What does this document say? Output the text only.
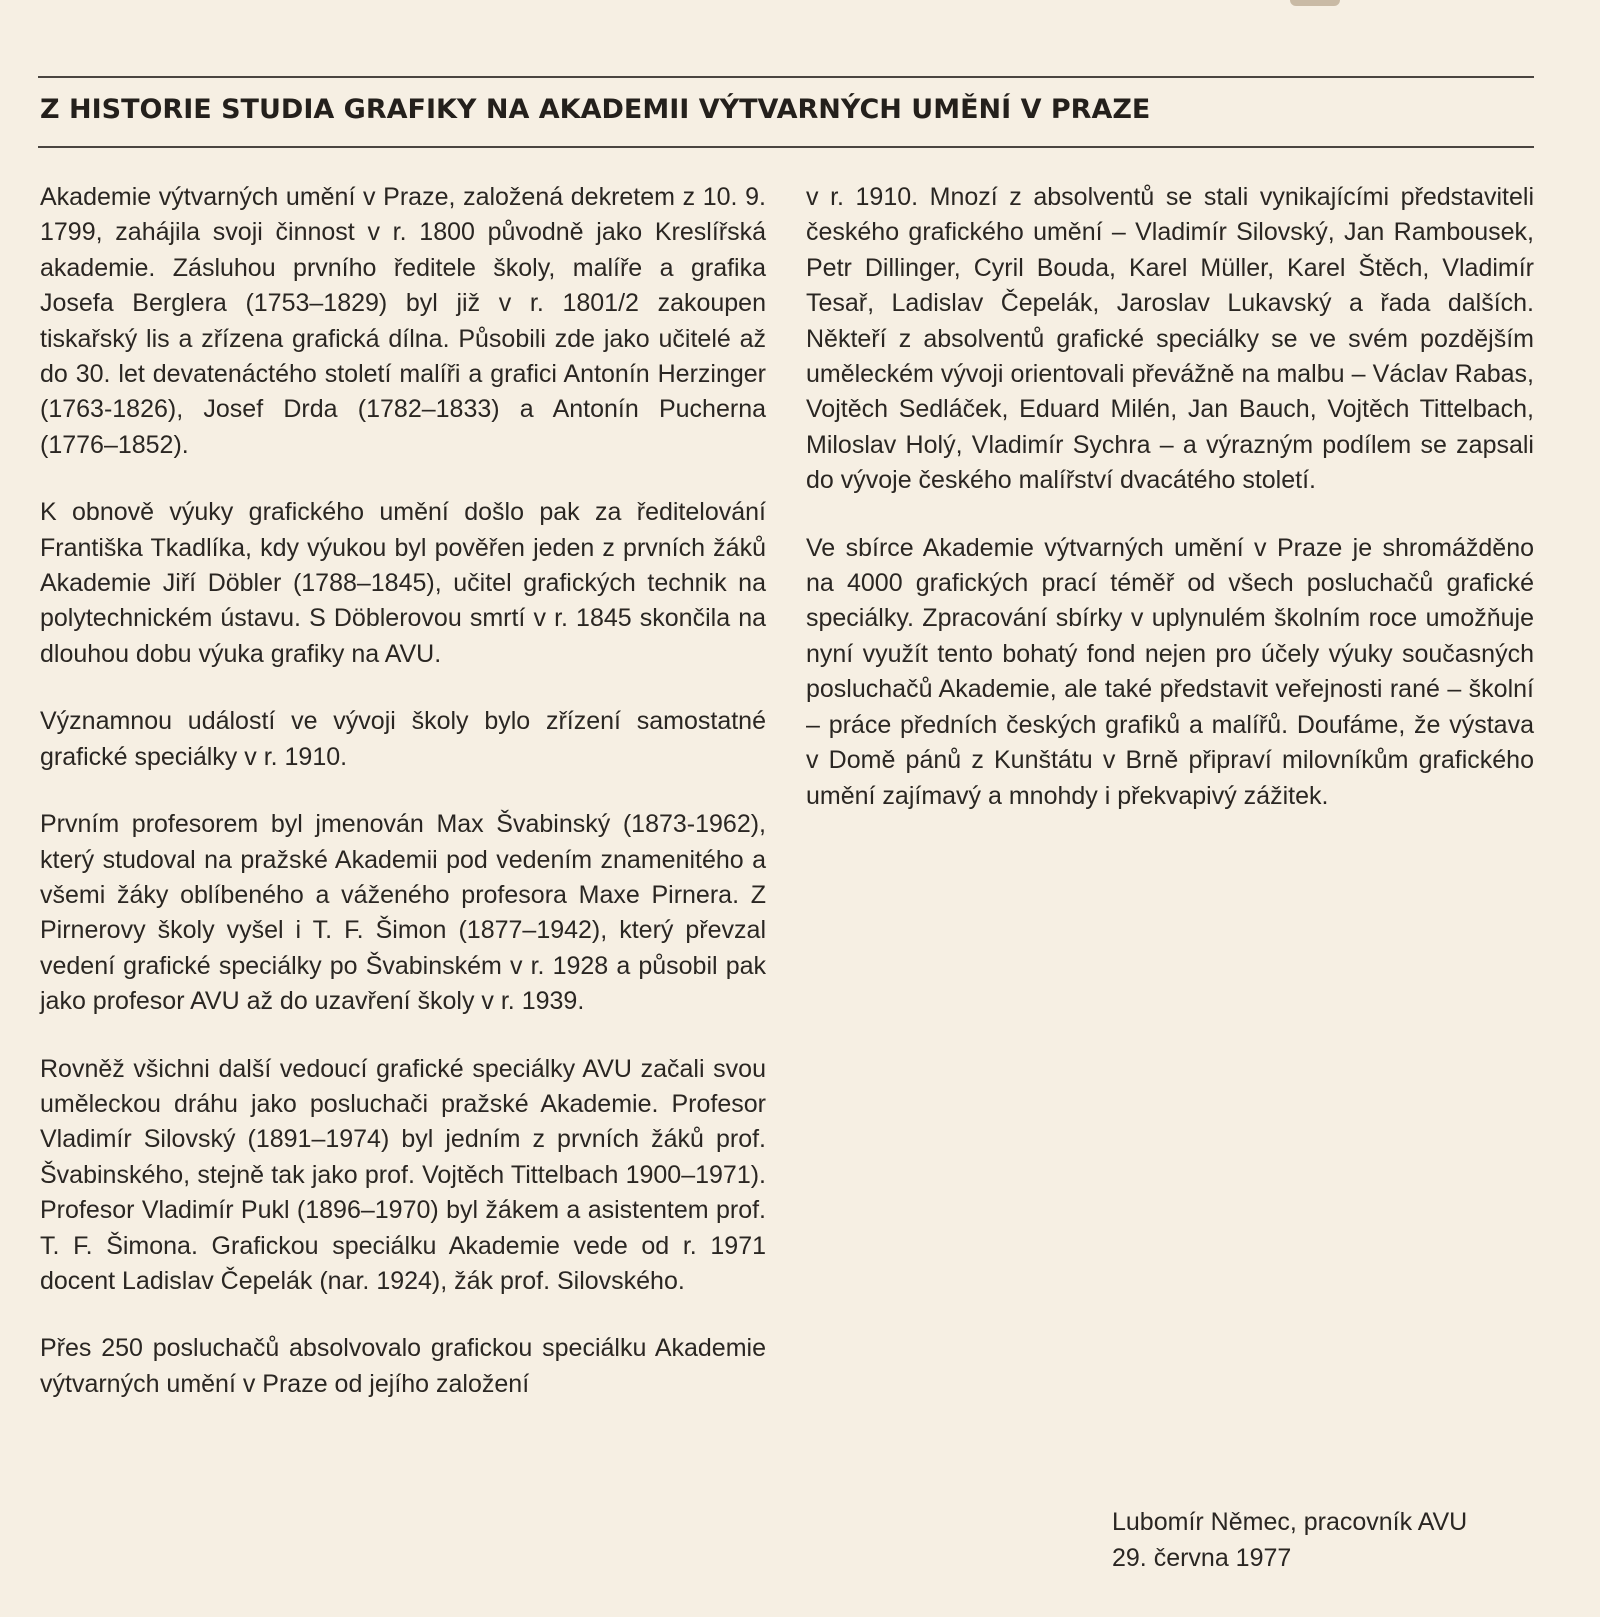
Z HISTORIE STUDIA GRAFIKY NA AKADEMII VÝTVARNÝCH UMĚNÍ V PRAZE

Akademie výtvarných umění v Praze, založená dekretem z 10. 9. 1799, zahájila svoji činnost v r. 1800 původně jako Kreslířská akademie. Zásluhou prvního ředitele školy, malíře a grafika Josefa Berglera (1753–1829) byl již v r. 1801/2 zakoupen tiskařský lis a zřízena grafická dílna. Působili zde jako učitelé až do 30. let devatenáctého století malíři a grafici Antonín Herzinger (1763-1826), Josef Drda (1782–1833) a Antonín Pucherna (1776–1852).

K obnově výuky grafického umění došlo pak za ředitelování Františka Tkadlíka, kdy výukou byl pověřen jeden z prvních žáků Akademie Jiří Döbler (1788–1845), učitel grafických technik na polytechnickém ústavu. S Döblerovou smrtí v r. 1845 skončila na dlouhou dobu výuka grafiky na AVU.

Významnou událostí ve vývoji školy bylo zřízení samostatné grafické speciálky v r. 1910.

Prvním profesorem byl jmenován Max Švabinský (1873-1962), který studoval na pražské Akademii pod vedením znamenitého a všemi žáky oblíbeného a váženého profesora Maxe Pirnera. Z Pirnerovy školy vyšel i T. F. Šimon (1877–1942), který převzal vedení grafické speciálky po Švabinském v r. 1928 a působil pak jako profesor AVU až do uzavření školy v r. 1939.

Rovněž všichni další vedoucí grafické speciálky AVU začali svou uměleckou dráhu jako posluchači pražské Akademie. Profesor Vladimír Silovský (1891–1974) byl jedním z prvních žáků prof. Švabinského, stejně tak jako prof. Vojtěch Tittelbach 1900–1971). Profesor Vladimír Pukl (1896–1970) byl žákem a asistentem prof. T. F. Šimona. Grafickou speciálku Akademie vede od r. 1971 docent Ladislav Čepelák (nar. 1924), žák prof. Silovského.

Přes 250 posluchačů absolvovalo grafickou speciálku Akademie výtvarných umění v Praze od jejího založení

v r. 1910. Mnozí z absolventů se stali vynikajícími představiteli českého grafického umění – Vladimír Silovský, Jan Rambousek, Petr Dillinger, Cyril Bouda, Karel Müller, Karel Štěch, Vladimír Tesař, Ladislav Čepelák, Jaroslav Lukavský a řada dalších. Někteří z absolventů grafické speciálky se ve svém pozdějším uměleckém vývoji orientovali převážně na malbu – Václav Rabas, Vojtěch Sedláček, Eduard Milén, Jan Bauch, Vojtěch Tittelbach, Miloslav Holý, Vladimír Sychra – a výrazným podílem se zapsali do vývoje českého malířství dvacátého století.

Ve sbírce Akademie výtvarných umění v Praze je shromážděno na 4000 grafických prací téměř od všech posluchačů grafické speciálky. Zpracování sbírky v uplynulém školním roce umožňuje nyní využít tento bohatý fond nejen pro účely výuky současných posluchačů Akademie, ale také představit veřejnosti rané – školní – práce předních českých grafiků a malířů. Doufáme, že výstava v Domě pánů z Kunštátu v Brně připraví milovníkům grafického umění zajímavý a mnohdy i překvapivý zážitek.

Lubomír Němec, pracovník AVU
29. června 1977
